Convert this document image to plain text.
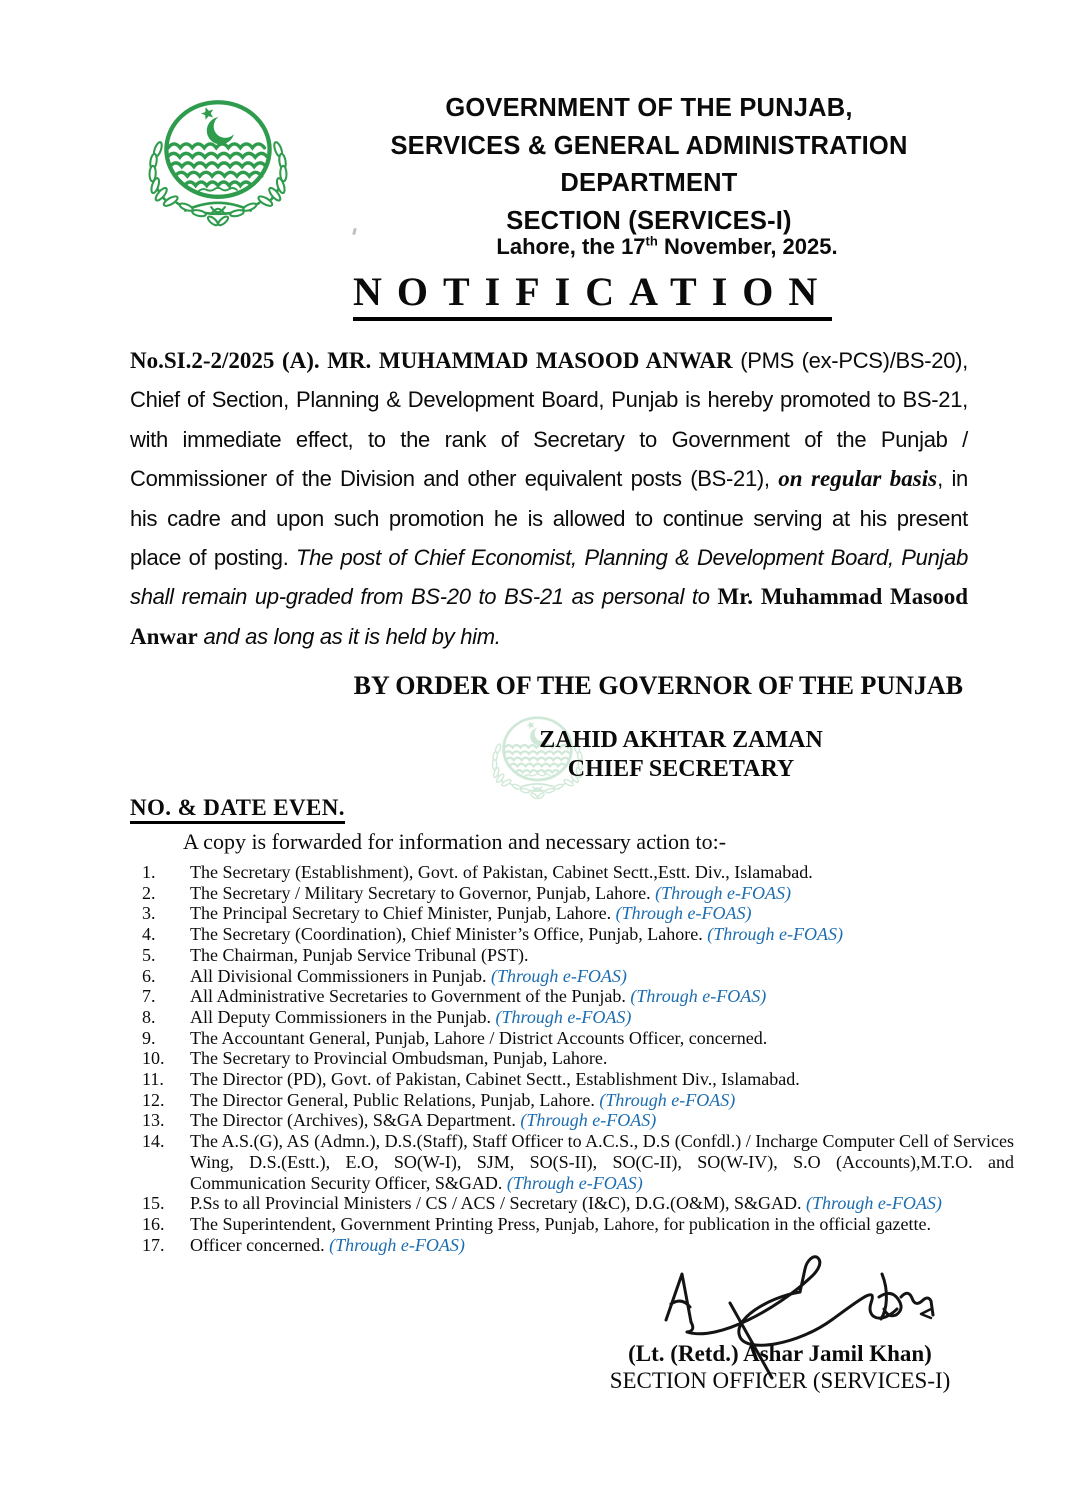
GOVERNMENT OF THE PUNJAB,
SERVICES & GENERAL ADMINISTRATION
DEPARTMENT
SECTION (SERVICES-I)
Lahore, the 17th November, 2025.
NOTIFICATION
No.SI.2-2/2025 (A). MR. MUHAMMAD MASOOD ANWAR (PMS (ex-PCS)/BS-20), Chief of Section, Planning & Development Board, Punjab is hereby promoted to BS-21, with immediate effect, to the rank of Secretary to Government of the Punjab / Commissioner of the Division and other equivalent posts (BS-21), on regular basis, in his cadre and upon such promotion he is allowed to continue serving at his present place of posting. The post of Chief Economist, Planning & Development Board, Punjab shall remain up-graded from BS-20 to BS-21 as personal to Mr. Muhammad Masood Anwar and as long as it is held by him.
BY ORDER OF THE GOVERNOR OF THE PUNJAB
ZAHID AKHTAR ZAMAN
CHIEF SECRETARY
NO. & DATE EVEN.
A copy is forwarded for information and necessary action to:-
1.	The Secretary (Establishment), Govt. of Pakistan, Cabinet Sectt.,Estt. Div., Islamabad.
2.	The Secretary / Military Secretary to Governor, Punjab, Lahore. (Through e-FOAS)
3.	The Principal Secretary to Chief Minister, Punjab, Lahore. (Through e-FOAS)
4.	The Secretary (Coordination), Chief Minister’s Office, Punjab, Lahore. (Through e-FOAS)
5.	The Chairman, Punjab Service Tribunal (PST).
6.	All Divisional Commissioners in Punjab. (Through e-FOAS)
7.	All Administrative Secretaries to Government of the Punjab. (Through e-FOAS)
8.	All Deputy Commissioners in the Punjab. (Through e-FOAS)
9.	The Accountant General, Punjab, Lahore / District Accounts Officer, concerned.
10.	The Secretary to Provincial Ombudsman, Punjab, Lahore.
11.	The Director (PD), Govt. of Pakistan, Cabinet Sectt., Establishment Div., Islamabad.
12.	The Director General, Public Relations, Punjab, Lahore. (Through e-FOAS)
13.	The Director (Archives), S&GA Department. (Through e-FOAS)
14.	The A.S.(G), AS (Admn.), D.S.(Staff), Staff Officer to A.C.S., D.S (Confdl.) / Incharge Computer Cell of Services Wing, D.S.(Estt.), E.O, SO(W-I), SJM, SO(S-II), SO(C-II), SO(W-IV), S.O (Accounts),M.T.O. and Communication Security Officer, S&GAD. (Through e-FOAS)
15.	P.Ss to all Provincial Ministers / CS / ACS / Secretary (I&C), D.G.(O&M), S&GAD. (Through e-FOAS)
16.	The Superintendent, Government Printing Press, Punjab, Lahore, for publication in the official gazette.
17.	Officer concerned. (Through e-FOAS)
(Lt. (Retd.) Ashar Jamil Khan)
SECTION OFFICER (SERVICES-I)
